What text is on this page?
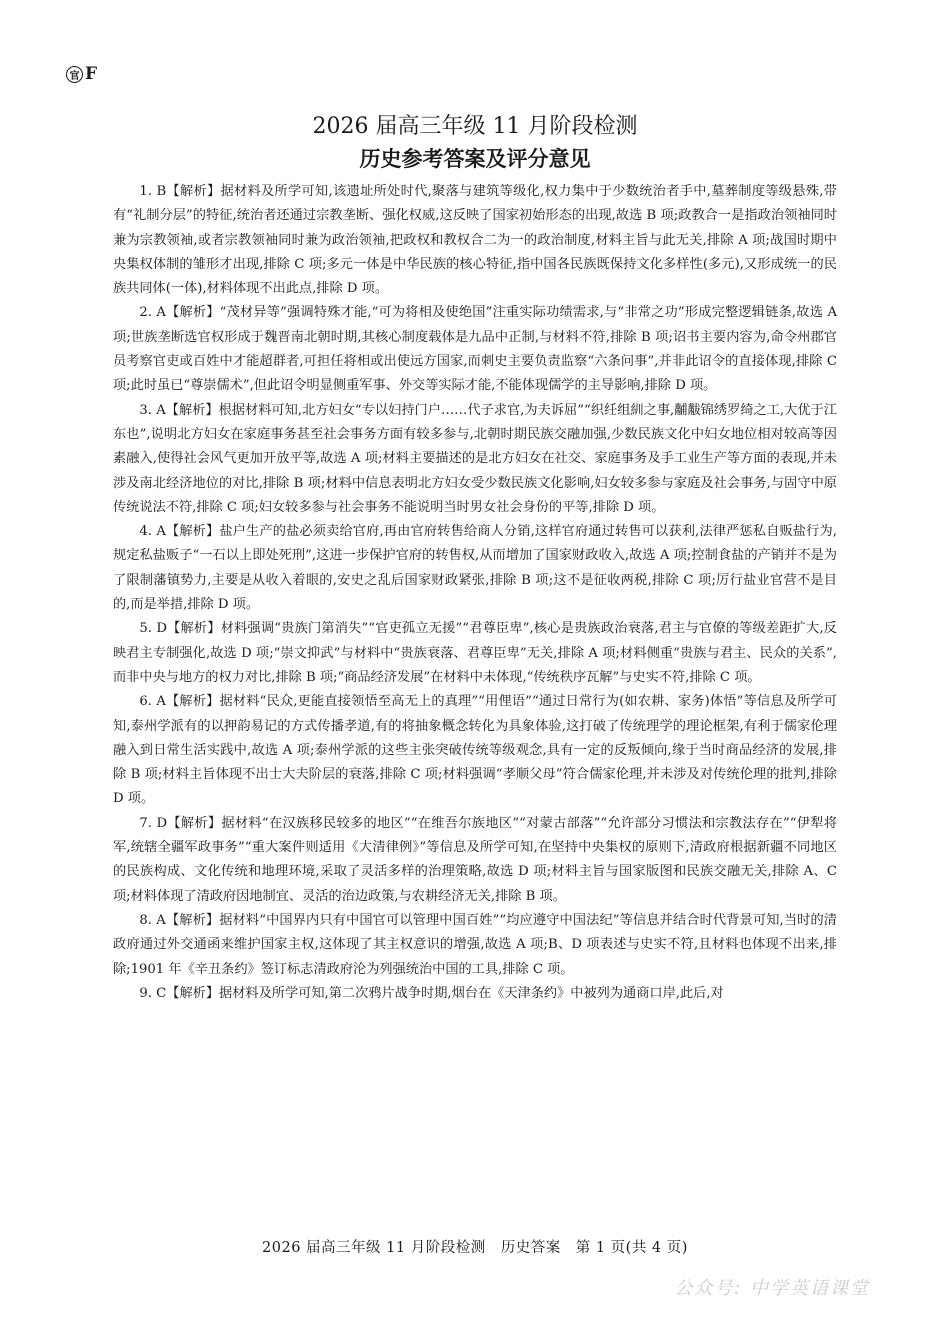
官 F
2026 届高三年级 11 月阶段检测
历史参考答案及评分意见

1. B【解析】据材料及所学可知,该遗址所处时代,聚落与建筑等级化,权力集中于少数统治者手中,墓葬制度等级悬殊,带有“礼制分层”的特征,统治者还通过宗教垄断、强化权威,这反映了国家初始形态的出现,故选 B 项;政教合一是指政治领袖同时兼为宗教领袖,或者宗教领袖同时兼为政治领袖,把政权和教权合二为一的政治制度,材料主旨与此无关,排除 A 项;战国时期中央集权体制的雏形才出现,排除 C 项;多元一体是中华民族的核心特征,指中国各民族既保持文化多样性(多元),又形成统一的民族共同体(一体),材料体现不出此点,排除 D 项。

2. A【解析】“茂材异等”强调特殊才能,“可为将相及使绝国”注重实际功绩需求,与“非常之功”形成完整逻辑链条,故选 A 项;世族垄断选官权形成于魏晋南北朝时期,其核心制度载体是九品中正制,与材料不符,排除 B 项;诏书主要内容为,命令州郡官员考察官吏或百姓中才能超群者,可担任将相或出使远方国家,而刺史主要负责监察“六条问事”,并非此诏令的直接体现,排除 C 项;此时虽已“尊崇儒术”,但此诏令明显侧重军事、外交等实际才能,不能体现儒学的主导影响,排除 D 项。

3. A【解析】根据材料可知,北方妇女“专以妇持门户……代子求官,为夫诉屈”“织纴组紃之事,黼黻锦绣罗绮之工,大优于江东也”,说明北方妇女在家庭事务甚至社会事务方面有较多参与,北朝时期民族交融加强,少数民族文化中妇女地位相对较高等因素融入,使得社会风气更加开放平等,故选 A 项;材料主要描述的是北方妇女在社交、家庭事务及手工业生产等方面的表现,并未涉及南北经济地位的对比,排除 B 项;材料中信息表明北方妇女受少数民族文化影响,妇女较多参与家庭及社会事务,与固守中原传统说法不符,排除 C 项;妇女较多参与社会事务不能说明当时男女社会身份的平等,排除 D 项。

4. A【解析】盐户生产的盐必须卖给官府,再由官府转售给商人分销,这样官府通过转售可以获利,法律严惩私自贩盐行为,规定私盐贩子“一石以上即处死刑”,这进一步保护官府的转售权,从而增加了国家财政收入,故选 A 项;控制食盐的产销并不是为了限制藩镇势力,主要是从收入着眼的,安史之乱后国家财政紧张,排除 B 项;这不是征收两税,排除 C 项;厉行盐业官营不是目的,而是举措,排除 D 项。

5. D【解析】材料强调“贵族门第消失”“官吏孤立无援”“君尊臣卑”,核心是贵族政治衰落,君主与官僚的等级差距扩大,反映君主专制强化,故选 D 项;“崇文抑武”与材料中“贵族衰落、君尊臣卑”无关,排除 A 项;材料侧重“贵族与君主、民众的关系”,而非中央与地方的权力对比,排除 B 项;“商品经济发展”在材料中未体现,“传统秩序瓦解”与史实不符,排除 C 项。

6. A【解析】据材料“民众,更能直接领悟至高无上的真理”“用俚语”“通过日常行为(如农耕、家务)体悟”等信息及所学可知,泰州学派有的以押韵易记的方式传播孝道,有的将抽象概念转化为具象体验,这打破了传统理学的理论框架,有利于儒家伦理融入到日常生活实践中,故选 A 项;泰州学派的这些主张突破传统等级观念,具有一定的反叛倾向,缘于当时商品经济的发展,排除 B 项;材料主旨体现不出士大夫阶层的衰落,排除 C 项;材料强调“孝顺父母”符合儒家伦理,并未涉及对传统伦理的批判,排除 D 项。

7. D【解析】据材料“在汉族移民较多的地区”“在维吾尔族地区”“对蒙古部落”“允许部分习惯法和宗教法存在”“伊犁将军,统辖全疆军政事务”“重大案件则适用《大清律例》”等信息及所学可知,在坚持中央集权的原则下,清政府根据新疆不同地区的民族构成、文化传统和地理环境,采取了灵活多样的治理策略,故选 D 项;材料主旨与国家版图和民族交融无关,排除 A、C 项;材料体现了清政府因地制宜、灵活的治边政策,与农耕经济无关,排除 B 项。

8. A【解析】据材料“中国界内只有中国官可以管理中国百姓”“均应遵守中国法纪”等信息并结合时代背景可知,当时的清政府通过外交通函来维护国家主权,这体现了其主权意识的增强,故选 A 项;B、D 项表述与史实不符,且材料也体现不出来,排除;1901 年《辛丑条约》签订标志清政府沦为列强统治中国的工具,排除 C 项。

9. C【解析】据材料及所学可知,第二次鸦片战争时期,烟台在《天津条约》中被列为通商口岸,此后,对

2026 届高三年级 11 月阶段检测　历史答案　第 1 页(共 4 页)
公众号: 中学英语课堂
